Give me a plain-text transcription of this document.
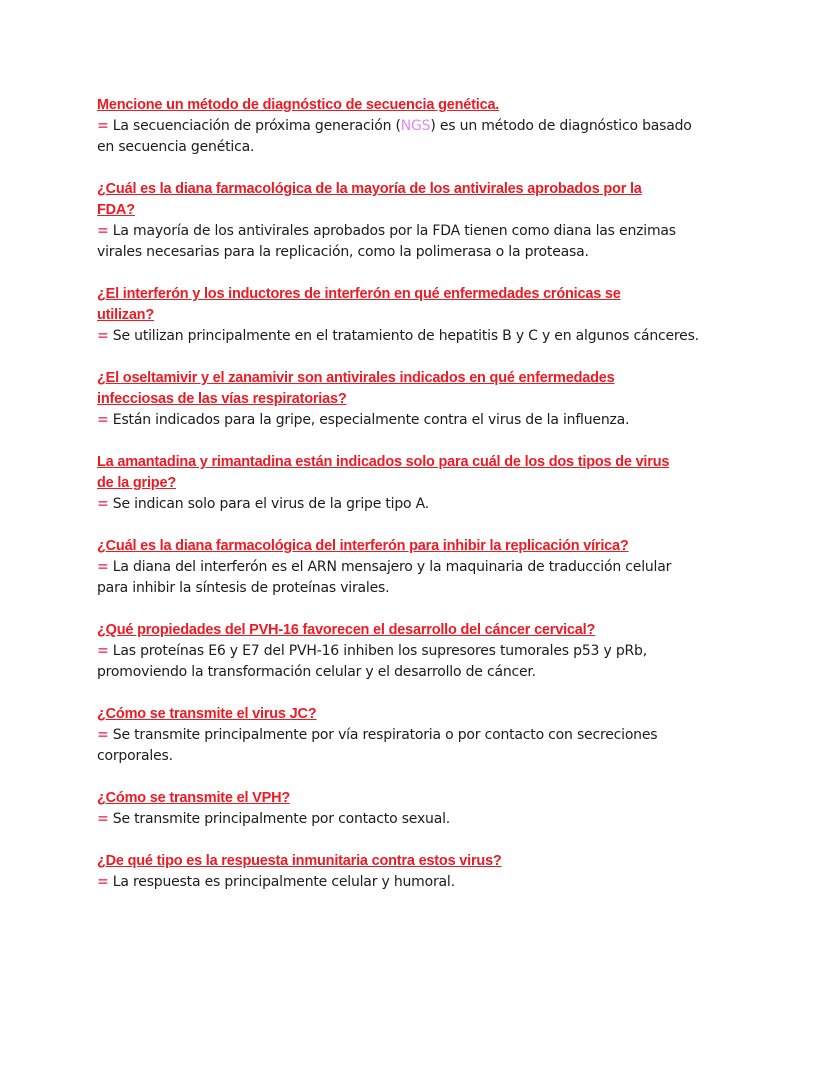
Mencione un método de diagnóstico de secuencia genética.
= La secuenciación de próxima generación (NGS) es un método de diagnóstico basado
en secuencia genética.
¿Cuál es la diana farmacológica de la mayoría de los antivirales aprobados por la
FDA?
= La mayoría de los antivirales aprobados por la FDA tienen como diana las enzimas
virales necesarias para la replicación, como la polimerasa o la proteasa.
¿El interferón y los inductores de interferón en qué enfermedades crónicas se
utilizan?
= Se utilizan principalmente en el tratamiento de hepatitis B y C y en algunos cánceres.
¿El oseltamivir y el zanamivir son antivirales indicados en qué enfermedades
infecciosas de las vías respiratorias?
= Están indicados para la gripe, especialmente contra el virus de la influenza.
La amantadina y rimantadina están indicados solo para cuál de los dos tipos de virus
de la gripe?
= Se indican solo para el virus de la gripe tipo A.
¿Cuál es la diana farmacológica del interferón para inhibir la replicación vírica?
= La diana del interferón es el ARN mensajero y la maquinaria de traducción celular
para inhibir la síntesis de proteínas virales.
¿Qué propiedades del PVH-16 favorecen el desarrollo del cáncer cervical?
= Las proteínas E6 y E7 del PVH-16 inhiben los supresores tumorales p53 y pRb,
promoviendo la transformación celular y el desarrollo de cáncer.
¿Cómo se transmite el virus JC?
= Se transmite principalmente por vía respiratoria o por contacto con secreciones
corporales.
¿Cómo se transmite el VPH?
= Se transmite principalmente por contacto sexual.
¿De qué tipo es la respuesta inmunitaria contra estos virus?
= La respuesta es principalmente celular y humoral.
